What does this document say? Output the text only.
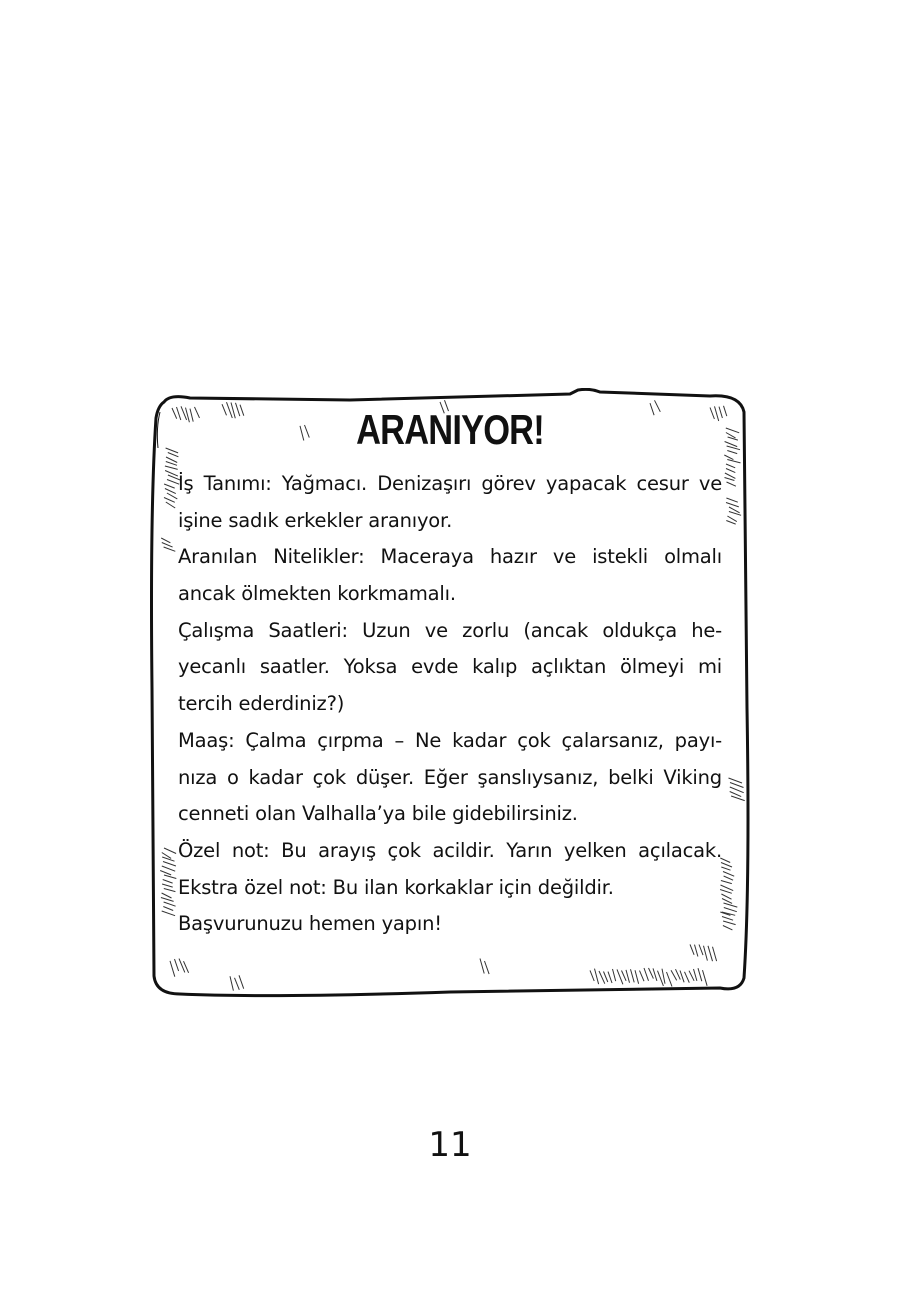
ARANIYOR!
İş Tanımı: Yağmacı. Denizaşırı görev yapacak cesur ve
işine sadık erkekler aranıyor.
Aranılan Nitelikler: Maceraya hazır ve istekli olmalı
ancak ölmekten korkmamalı.
Çalışma Saatleri: Uzun ve zorlu (ancak oldukça he-
yecanlı saatler. Yoksa evde kalıp açlıktan ölmeyi mi
tercih ederdiniz?)
Maaş: Çalma çırpma – Ne kadar çok çalarsanız, payı-
nıza o kadar çok düşer. Eğer şanslıysanız, belki Viking
cenneti olan Valhalla’ya bile gidebilirsiniz.
Özel not: Bu arayış çok acildir. Yarın yelken açılacak.
Ekstra özel not: Bu ilan korkaklar için değildir.
Başvurunuzu hemen yapın!
11
